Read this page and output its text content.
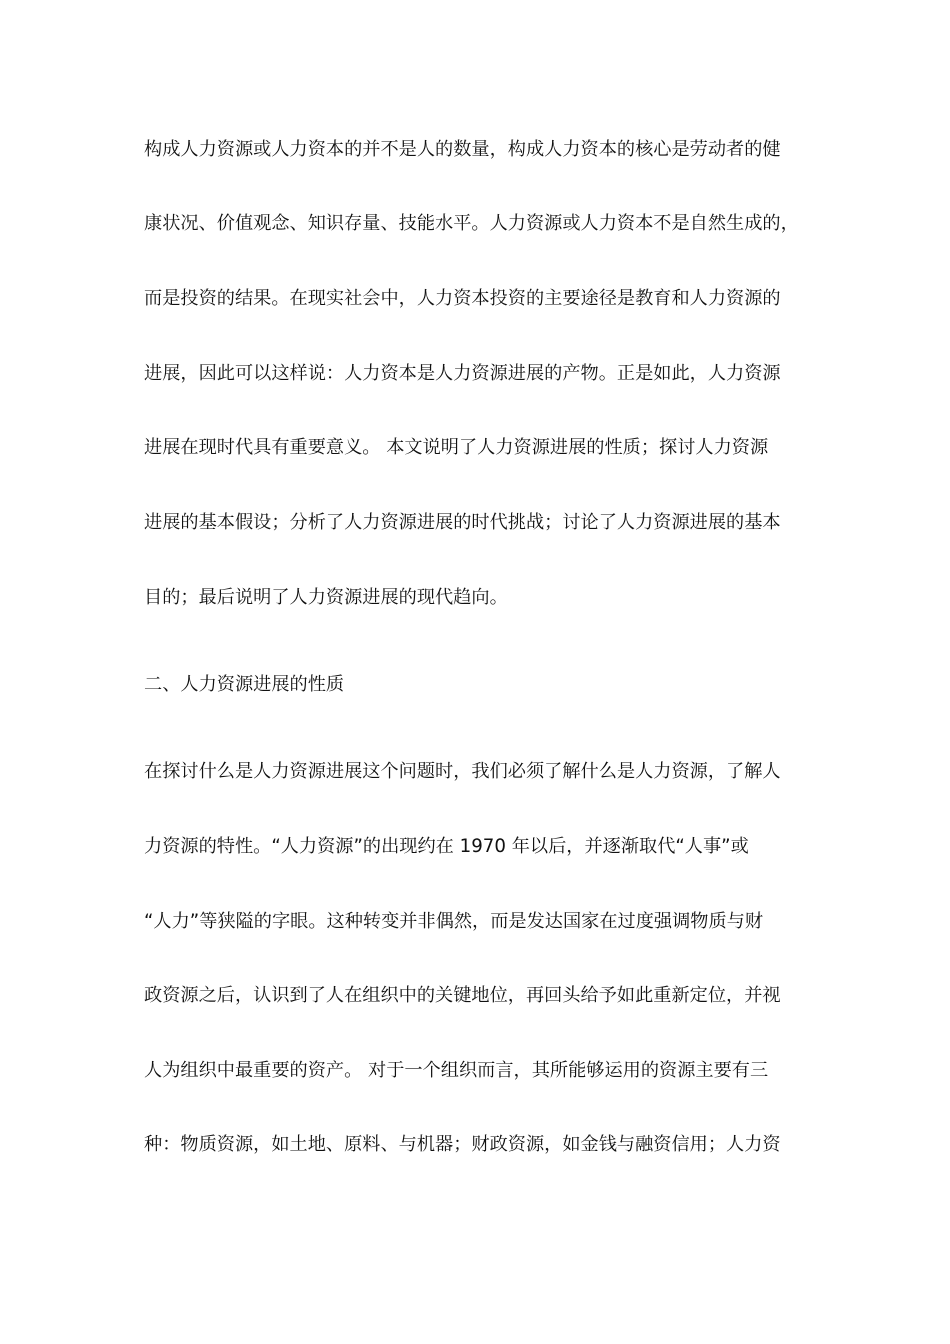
构成人力资源或人力资本的并不是人的数量，构成人力资本的核心是劳动者的健
康状况、价值观念、知识存量、技能水平。人力资源或人力资本不是自然生成的，
而是投资的结果。在现实社会中，人力资本投资的主要途径是教育和人力资源的
进展，因此可以这样说：人力资本是人力资源进展的产物。正是如此，人力资源
进展在现时代具有重要意义。 本文说明了人力资源进展的性质；探讨人力资源
进展的基本假设；分析了人力资源进展的时代挑战；讨论了人力资源进展的基本
目的；最后说明了人力资源进展的现代趋向。
二、人力资源进展的性质
在探讨什么是人力资源进展这个问题时，我们必须了解什么是人力资源，了解人
力资源的特性。“人力资源”的出现约在 1970 年以后，并逐渐取代“人事”或
“人力”等狭隘的字眼。这种转变并非偶然，而是发达国家在过度强调物质与财
政资源之后，认识到了人在组织中的关键地位，再回头给予如此重新定位，并视
人为组织中最重要的资产。 对于一个组织而言，其所能够运用的资源主要有三
种：物质资源，如土地、原料、与机器；财政资源，如金钱与融资信用；人力资
